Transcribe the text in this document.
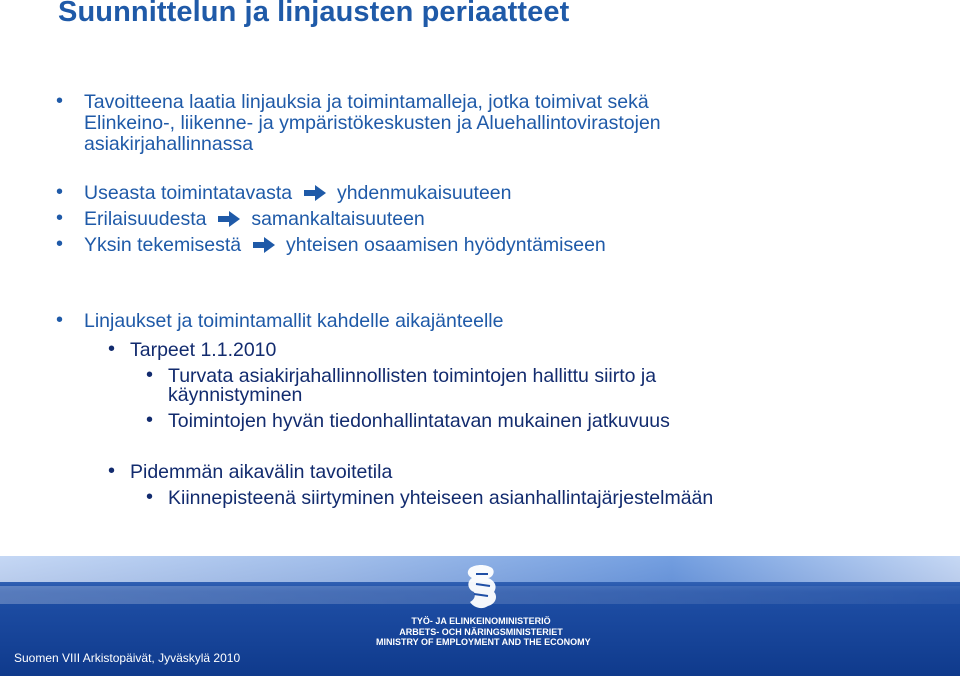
Suunnittelun ja linjausten periaatteet
• Tavoitteena laatia linjauksia ja toimintamalleja, jotka toimivat sekä
Elinkeino-, liikenne- ja ympäristökeskusten ja Aluehallintovirastojen
asiakirjahallinnassa
• Useasta toimintatavasta yhdenmukaisuuteen
• Erilaisuudesta samankaltaisuuteen
• Yksin tekemisestä yhteisen osaamisen hyödyntämiseen
• Linjaukset ja toimintamallit kahdelle aikajänteelle
• Tarpeet 1.1.2010
• Turvata asiakirjahallinnollisten toimintojen hallittu siirto ja
käynnistyminen
• Toimintojen hyvän tiedonhallintatavan mukainen jatkuvuus
• Pidemmän aikavälin tavoitetila
• Kiinnepisteenä siirtyminen yhteiseen asianhallintajärjestelmään
TYÖ- JA ELINKEINOMINISTERIÖ
ARBETS- OCH NÄRINGSMINISTERIET
MINISTRY OF EMPLOYMENT AND THE ECONOMY
Suomen VIII Arkistopäivät, Jyväskylä 2010
